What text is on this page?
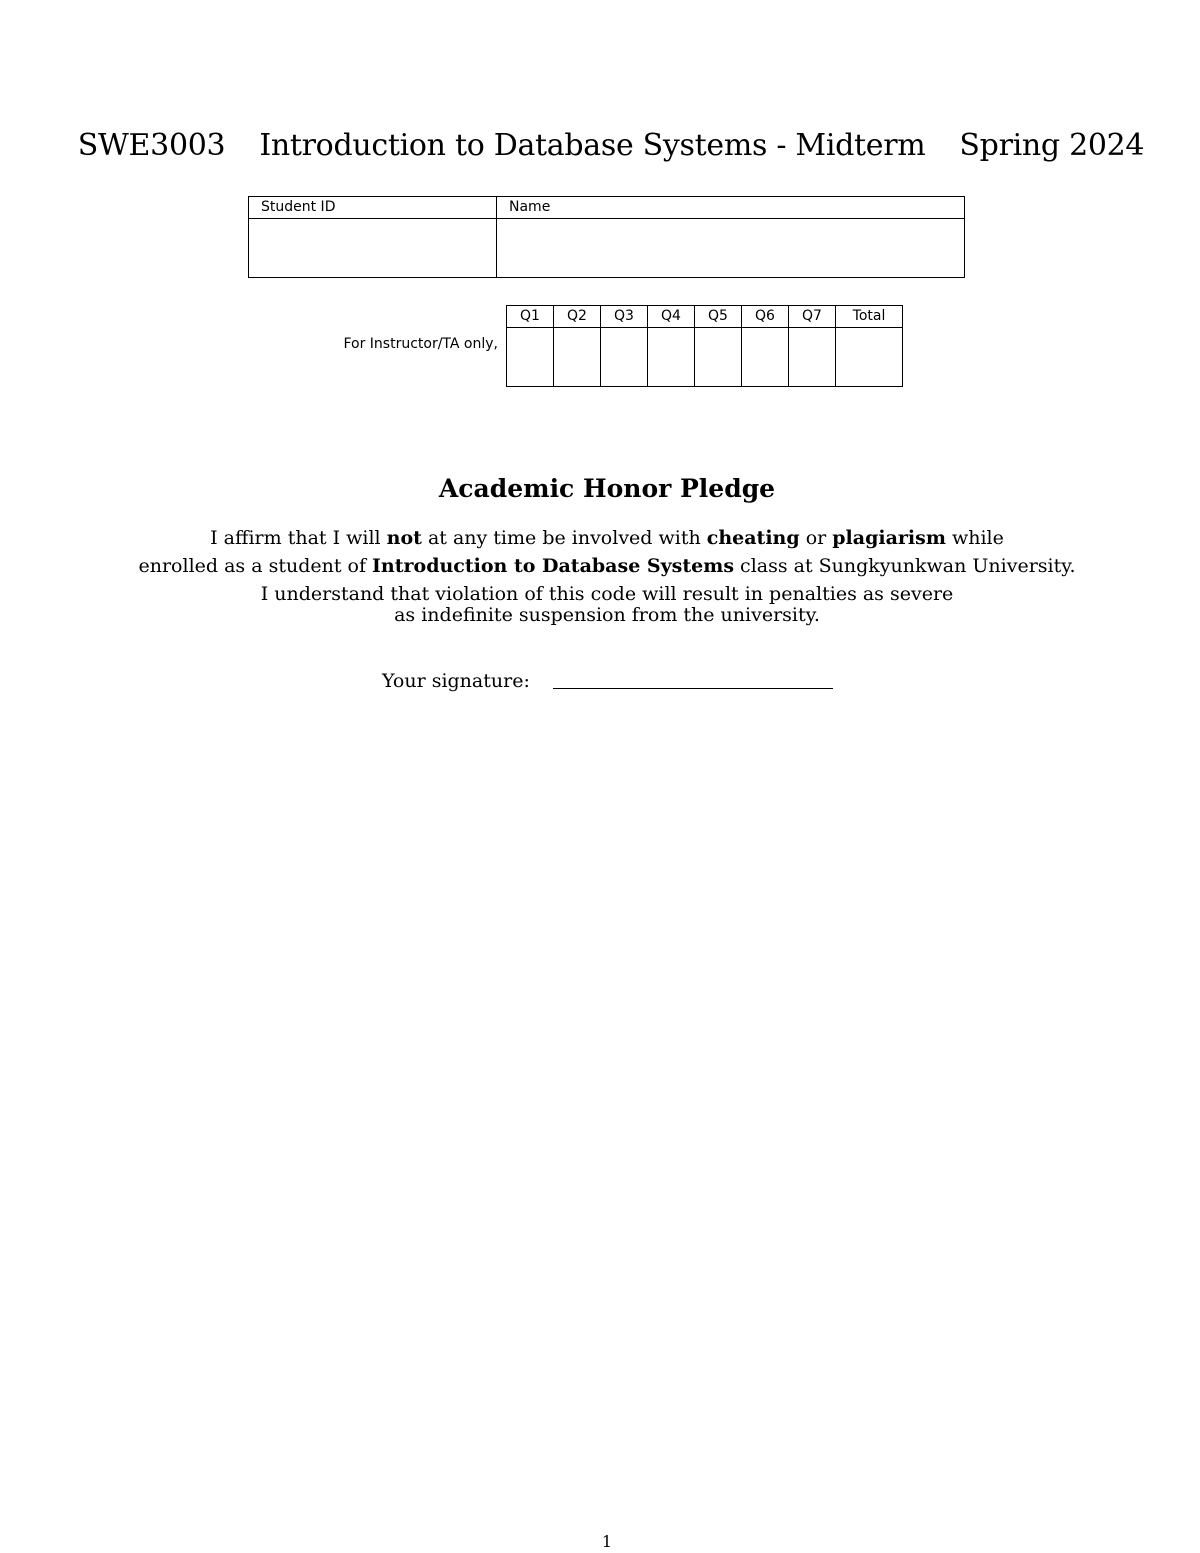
SWE3003 Introduction to Database Systems - Midterm Spring 2024
Student ID	Name

For Instructor/TA only,
Q1	Q2	Q3	Q4	Q5	Q6	Q7	Total

Academic Honor Pledge
I affirm that I will not at any time be involved with cheating or plagiarism while
enrolled as a student of Introduction to Database Systems class at Sungkyunkwan University.
I understand that violation of this code will result in penalties as severe
as indefinite suspension from the university.
Your signature:
1
